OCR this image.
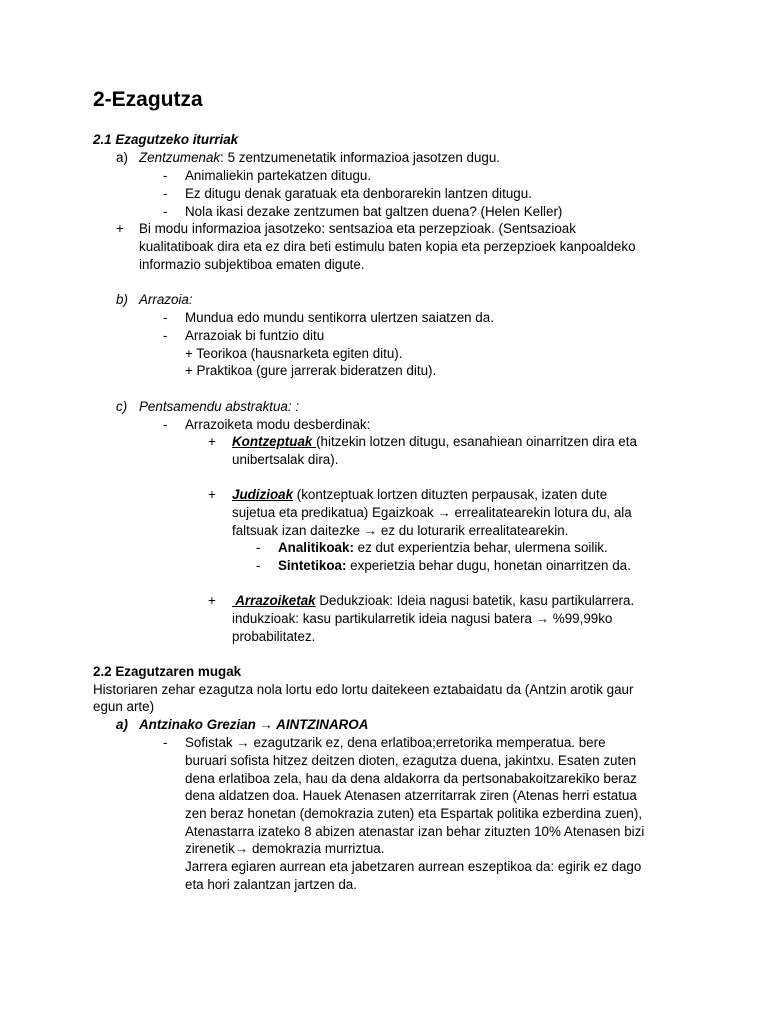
2-Ezagutza
2.1 Ezagutzeko iturriak
a) Zentzumenak: 5 zentzumenetatik informazioa jasotzen dugu.
- Animaliekin partekatzen ditugu.
- Ez ditugu denak garatuak eta denborarekin lantzen ditugu.
- Nola ikasi dezake zentzumen bat galtzen duena? (Helen Keller)
+ Bi modu informazioa jasotzeko: sentsazioa eta perzepzioak. (Sentsazioak
kualitatiboak dira eta ez dira beti estimulu baten kopia eta perzepzioek kanpoaldeko
informazio subjektiboa ematen digute.
b) Arrazoia:
- Mundua edo mundu sentikorra ulertzen saiatzen da.
- Arrazoiak bi funtzio ditu
+ Teorikoa (hausnarketa egiten ditu).
+ Praktikoa (gure jarrerak bideratzen ditu).
c) Pentsamendu abstraktua: :
- Arrazoiketa modu desberdinak:
+ Kontzeptuak (hitzekin lotzen ditugu, esanahiean oinarritzen dira eta
unibertsalak dira).
+ Judizioak (kontzeptuak lortzen dituzten perpausak, izaten dute
sujetua eta predikatua) Egaizkoak → errealitatearekin lotura du, ala
faltsuak izan daitezke → ez du loturarik errealitatearekin.
- Analitikoak: ez dut experientzia behar, ulermena soilik.
- Sintetikoa: experietzia behar dugu, honetan oinarritzen da.
+ Arrazoiketak Dedukzioak: Ideia nagusi batetik, kasu partikularrera.
indukzioak: kasu partikularretik ideia nagusi batera → %99,99ko
probabilitatez.
2.2 Ezagutzaren mugak
Historiaren zehar ezagutza nola lortu edo lortu daitekeen eztabaidatu da (Antzin arotik gaur
egun arte)
a) Antzinako Grezian → AINTZINAROA
- Sofistak → ezagutzarik ez, dena erlatiboa;erretorika memperatua. bere
buruari sofista hitzez deitzen dioten, ezagutza duena, jakintxu. Esaten zuten
dena erlatiboa zela, hau da dena aldakorra da pertsonabakoitzarekiko beraz
dena aldatzen doa. Hauek Atenasen atzerritarrak ziren (Atenas herri estatua
zen beraz honetan (demokrazia zuten) eta Espartak politika ezberdina zuen),
Atenastarra izateko 8 abizen atenastar izan behar zituzten 10% Atenasen bizi
zirenetik→ demokrazia murriztua.
Jarrera egiaren aurrean eta jabetzaren aurrean eszeptikoa da: egirik ez dago
eta hori zalantzan jartzen da.
